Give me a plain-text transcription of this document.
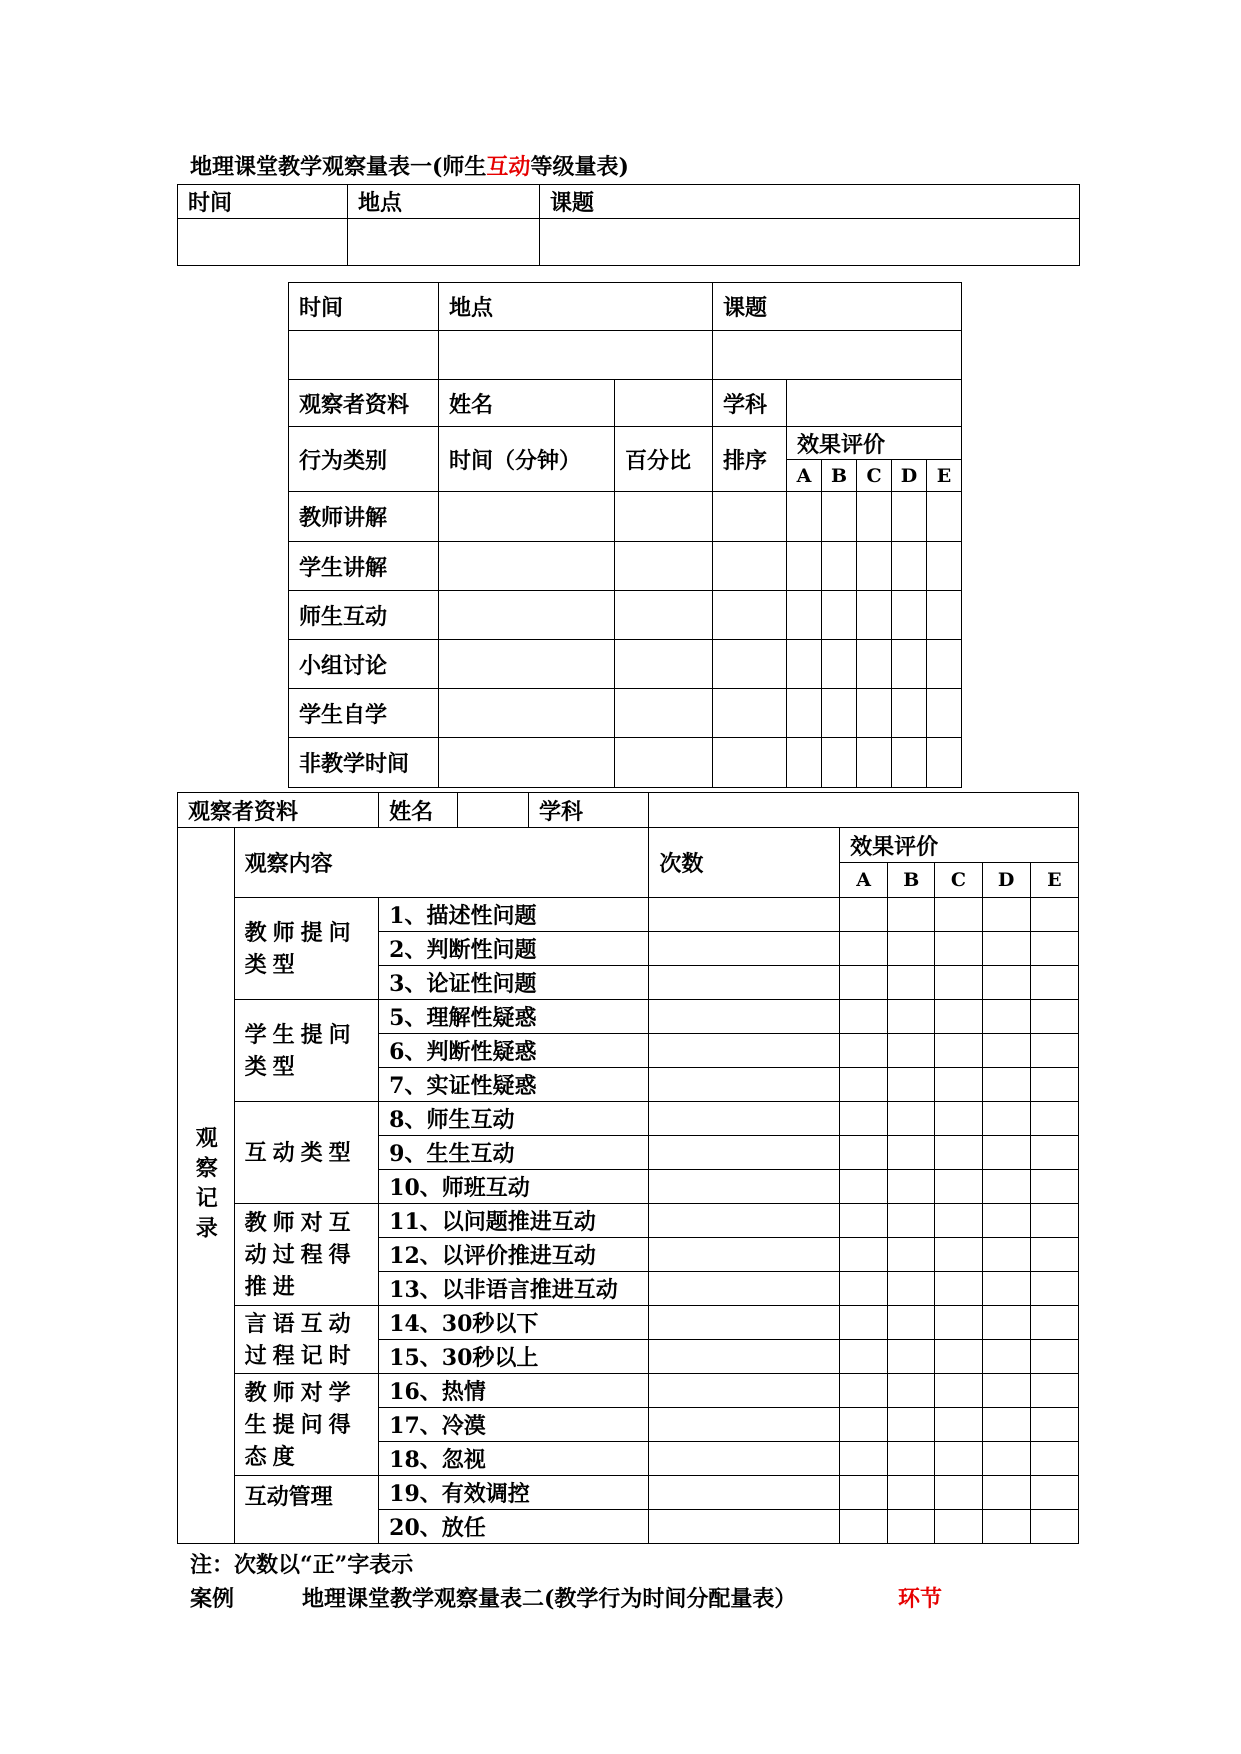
地理课堂教学观察量表一(师生互动等级量表)
时间	地点	课题

时间	地点		课题					

观察者资料	姓名		学科					
行为类别	时间（分钟）	百分比	排序	效果评价				
				A	B	C	D	E
教师讲解								
学生讲解								
师生互动								
小组讨论								
学生自学								
非教学时间								
观察者资料		姓名		学科						
观察记录	观察内容				次数	效果评价				
						A	B	C	D	E
	教师提问类型	1、描述性问题								
		2、判断性问题								
		3、论证性问题								
	学生提问类型	5、理解性疑惑								
		6、判断性疑惑								
		7、实证性疑惑								
	互动类型	8、师生互动								
		9、生生互动								
		10、师班互动								
	教师对互动过程得推进	11、以问题推进互动								
		12、以评价推进互动								
		13、以非语言推进互动								
	言语互动过程记时	14、30秒以下								
		15、30秒以上								
	教师对学生提问得态度	16、热情								
		17、冷漠								
		18、忽视								
	互动管理	19、有效调控								
		20、放任								
注：次数以“正”字表示
案例	地理课堂教学观察量表二(教学行为时间分配量表）	环节
